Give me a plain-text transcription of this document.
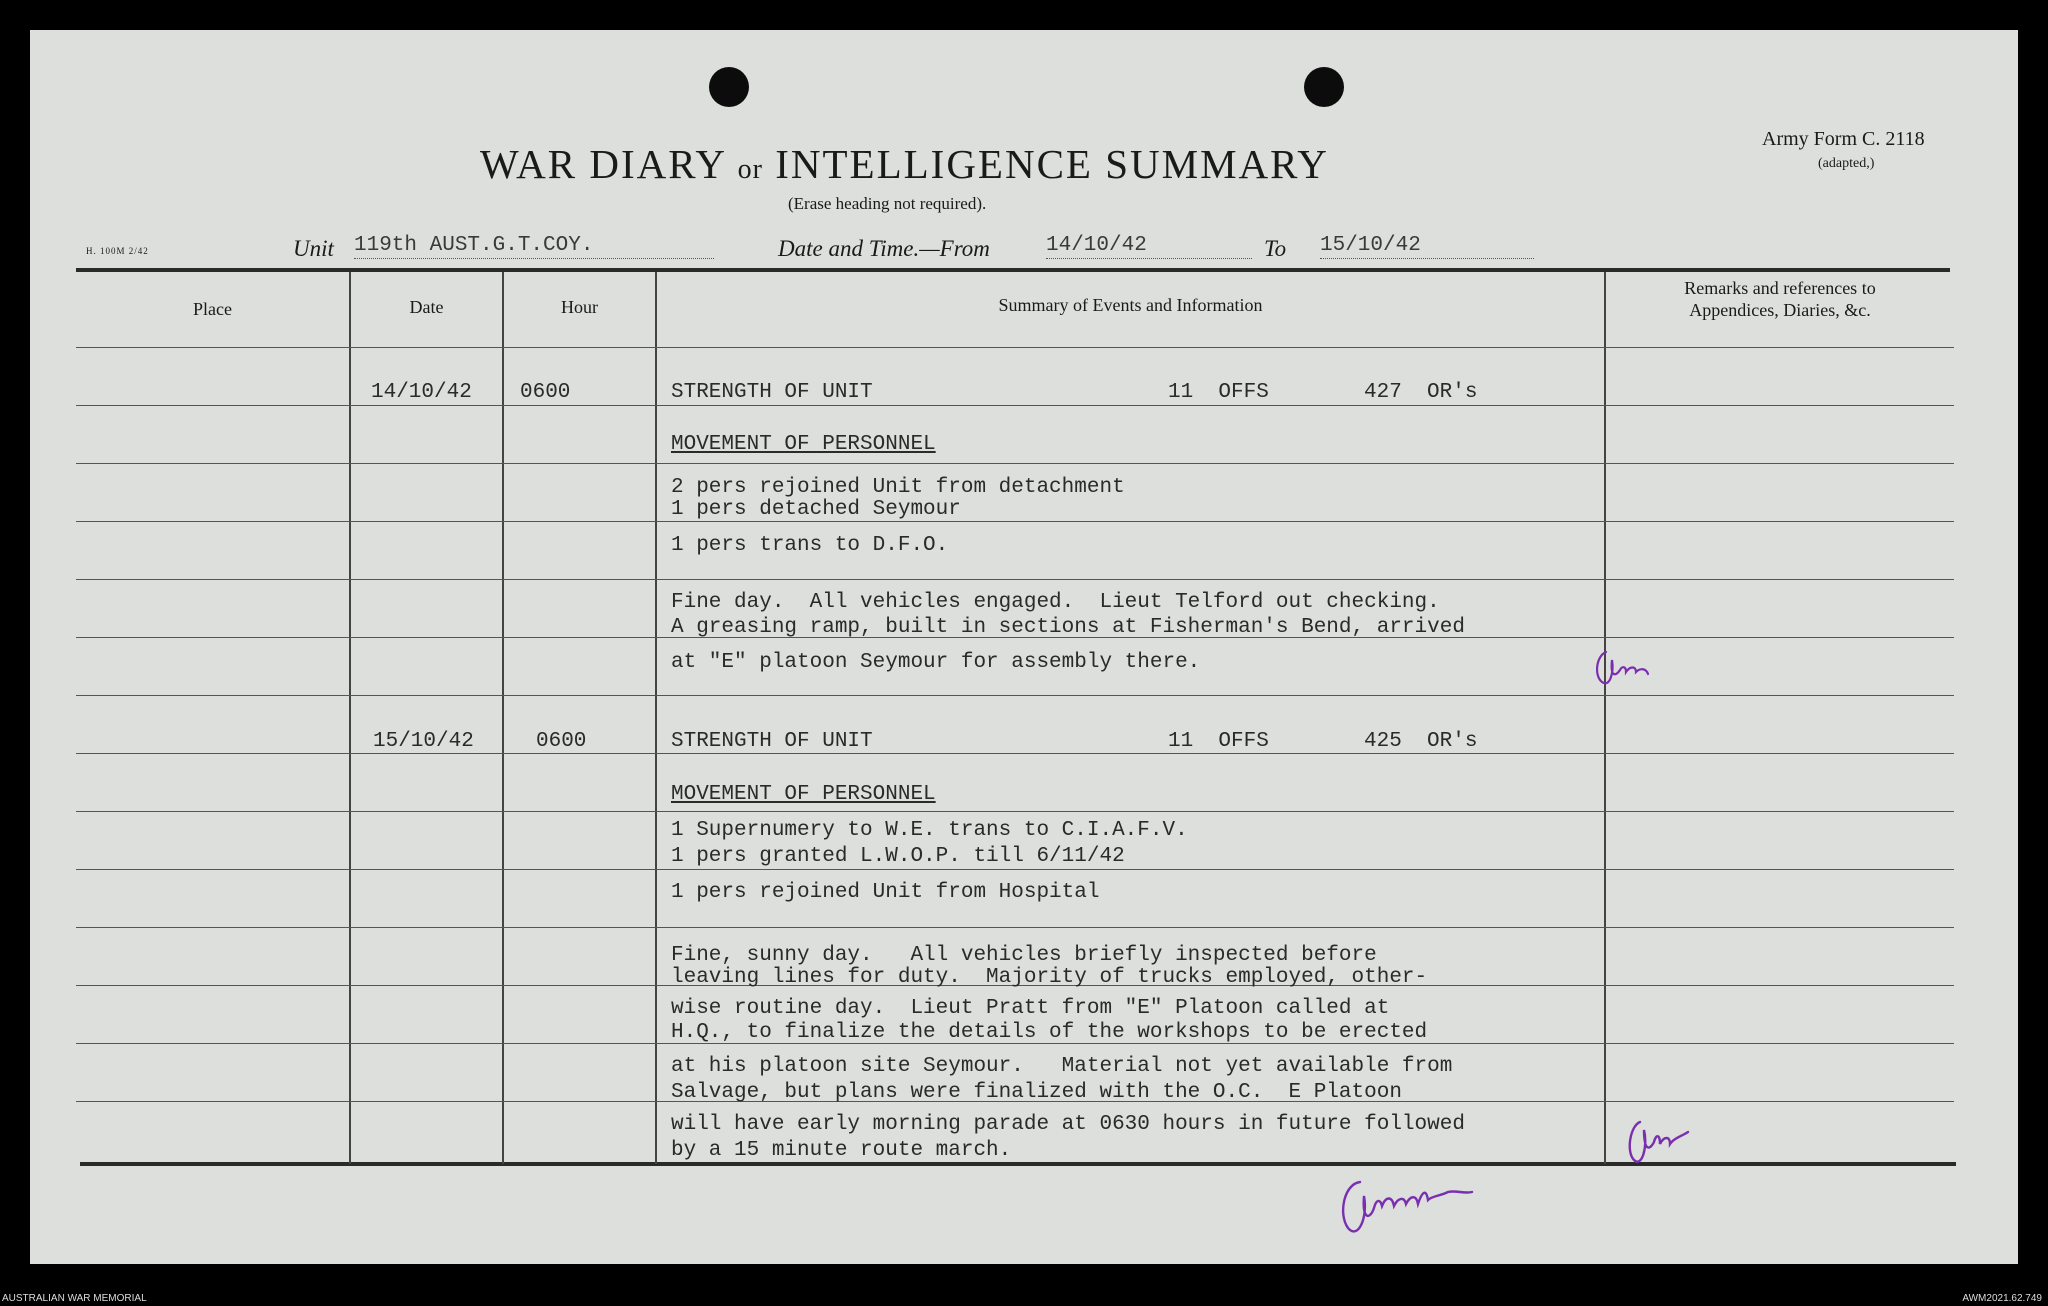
WAR DIARY or INTELLIGENCE SUMMARY
(Erase heading not required).
Army Form C. 2118
(adapted,)
H. 100M 2/42	Unit 119th AUST.G.T.COY.	Date and Time.—From	14/10/42	To 15/10/42
Place	Date	Hour	Summary of Events and Information
Remarks and references to
Appendices, Diaries, &c.
14/10/42 0600	STRENGTH OF UNIT	11  OFFS	427  OR's
MOVEMENT OF PERSONNEL
2 pers rejoined Unit from detachment
1 pers detached Seymour
1 pers trans to D.F.O.
Fine day.  All vehicles engaged.  Lieut Telford out checking.
A greasing ramp, built in sections at Fisherman's Bend, arrived
at "E" platoon Seymour for assembly there.
15/10/42	0600	STRENGTH OF UNIT	11  OFFS	425  OR's
MOVEMENT OF PERSONNEL
1 Supernumery to W.E. trans to C.I.A.F.V.
1 pers granted L.W.O.P. till 6/11/42
1 pers rejoined Unit from Hospital
Fine, sunny day.   All vehicles briefly inspected before
leaving lines for duty.  Majority of trucks employed, other-
wise routine day.  Lieut Pratt from "E" Platoon called at
H.Q., to finalize the details of the workshops to be erected
at his platoon site Seymour.   Material not yet available from
Salvage, but plans were finalized with the O.C.  E Platoon
will have early morning parade at 0630 hours in future followed
by a 15 minute route march.
AUSTRALIAN WAR MEMORIAL	AWM2021.62.749
